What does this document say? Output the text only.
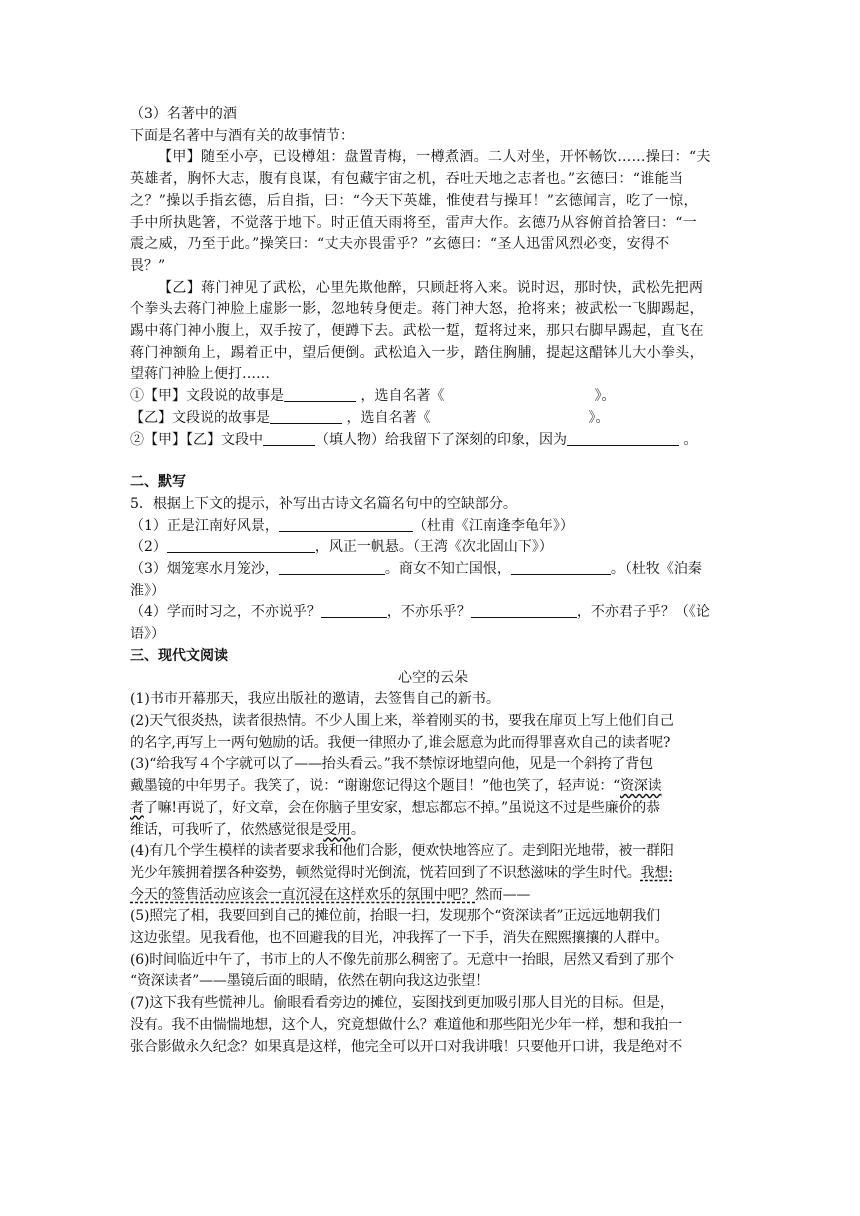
（3）名著中的酒
下面是名著中与酒有关的故事情节：
【甲】随至小亭，已设樽俎：盘置青梅，一樽煮酒。二人对坐，开怀畅饮……操曰：“夫
英雄者，胸怀大志，腹有良谋，有包藏宇宙之机，吞吐天地之志者也。”玄德曰：“谁能当
之？”操以手指玄德，后自指，曰：“今天下英雄，惟使君与操耳！”玄德闻言，吃了一惊，
手中所执匙箸，不觉落于地下。时正值天雨将至，雷声大作。玄德乃从容俯首拾箸曰：“一
震之威，乃至于此。”操笑曰：“丈夫亦畏雷乎？”玄德曰：“圣人迅雷风烈必变，安得不
畏？”
【乙】蒋门神见了武松，心里先欺他醉，只顾赶将入来。说时迟，那时快，武松先把两
个拳头去蒋门神脸上虚影一影，忽地转身便走。蒋门神大怒，抢将来；被武松一飞脚踢起，
踢中蒋门神小腹上，双手按了，便蹲下去。武松一踅，踅将过来，那只右脚早踢起，直飞在
蒋门神额角上，踢着正中，望后便倒。武松追入一步，踏住胸脯，提起这醋钵儿大小拳头，
望蒋门神脸上便打……
①【甲】文段说的故事是	，选自名著《	》。
【乙】文段说的故事是	，选自名著《	》。
②【甲】【乙】文段中	（填人物）给我留下了深刻的印象，因为	。
二、默写
5．根据上下文的提示，补写出古诗文名篇名句中的空缺部分。
（1）正是江南好风景，	（杜甫《江南逢李龟年》）
（2）	，风正一帆悬。（王湾《次北固山下》）
（3）烟笼寒水月笼沙，	。商女不知亡国恨，	。（杜牧《泊秦
淮》）
（4）学而时习之，不亦说乎？	，不亦乐乎？	，不亦君子乎？（《论
语》）
三、现代文阅读
心空的云朵
(1)书市开幕那天，我应出版社的邀请，去签售自己的新书。
(2)天气很炎热，读者很热情。不少人围上来，举着刚买的书，要我在扉页上写上他们自己
的名字,再写上一两句勉励的话。我便一律照办了,谁会愿意为此而得罪喜欢自己的读者呢?
(3)“给我写４个字就可以了——抬头看云。”我不禁惊讶地望向他，见是一个斜挎了背包
戴墨镜的中年男子。我笑了，说：“谢谢您记得这个题目！”他也笑了，轻声说：“资深读
者了嘛!再说了，好文章，会在你脑子里安家，想忘都忘不掉。”虽说这不过是些廉价的恭
维话，可我听了，依然感觉很是受用。
(4)有几个学生模样的读者要求我和他们合影，便欢快地答应了。走到阳光地带，被一群阳
光少年簇拥着摆各种姿势，顿然觉得时光倒流，恍若回到了不识愁滋味的学生时代。我想:
今天的签售活动应该会一直沉浸在这样欢乐的氛围中吧？然而——
(5)照完了相，我要回到自己的摊位前，抬眼一扫，发现那个“资深读者”正远远地朝我们
这边张望。见我看他，也不回避我的目光，冲我挥了一下手，消失在熙熙攘攘的人群中。
(6)时间临近中午了，书市上的人不像先前那么稠密了。无意中一抬眼，居然又看到了那个
“资深读者”——墨镜后面的眼睛，依然在朝向我这边张望！
(7)这下我有些慌神儿。偷眼看看旁边的摊位，妄图找到更加吸引那人目光的目标。但是，
没有。我不由惴惴地想，这个人，究竟想做什么？难道他和那些阳光少年一样，想和我拍一
张合影做永久纪念？如果真是这样，他完全可以开口对我讲哦！只要他开口讲，我是绝对不
